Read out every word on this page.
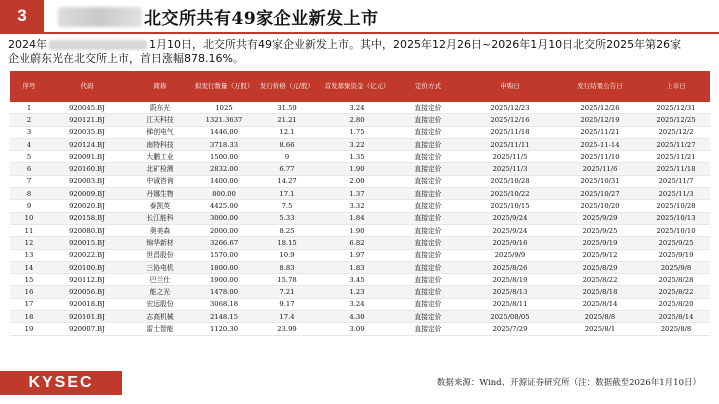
3	北交所共有49家企业新发上市
2024年	1月10日，北交所共有49家企业新发上市。其中，2025年12月26日~2026年1月10日北交所2025年第26家
企业蔚东光在北交所上市，首日涨幅878.16%。
序号	代码	简称	拟发行数量（万股）	发行价格（元/股）	首发募集资金（亿元）	定价方式	申购日	发行结果公告日	上市日
1	920045.BJ	蔚东光	1025	31.59	3.24	直接定价	2025/12/23	2025/12/26	2025/12/31
2	920121.BJ	江天科技	1321.3637	21.21	2.80	直接定价	2025/12/16	2025/12/19	2025/12/25
3	920035.BJ	梯创电气	1446.00	12.1	1.75	直接定价	2025/11/18	2025/11/21	2025/12/2
4	920124.BJ	南特科技	3718.33	8.66	3.22	直接定价	2025/11/11	2025-11-14	2025/11/27
5	920091.BJ	大鹏工业	1500.00	9	1.35	直接定价	2025/11/5	2025/11/10	2025/11/21
6	920160.BJ	北矿检测	2832.00	6.77	1.90	直接定价	2025/11/3	2025/11/6	2025/11/18
7	920003.BJ	中诚咨询	1400.00	14.27	2.00	直接定价	2025/10/28	2025/10/31	2025/11/7
8	920009.BJ	丹娜生物	800.00	17.1	1.37	直接定价	2025/10/22	2025/10/27	2025/11/3
9	920020.BJ	泰凯英	4425.00	7.5	3.32	直接定价	2025/10/15	2025/10/20	2025/10/28
10	920158.BJ	长江能科	3000.00	5.33	1.84	直接定价	2025/9/24	2025/9/29	2025/10/13
11	920080.BJ	奥美森	2000.00	8.25	1.90	直接定价	2025/9/24	2025/9/25	2025/10/10
12	920015.BJ	锦华新材	3266.67	18.15	6.82	直接定价	2025/9/16	2025/9/19	2025/9/25
13	920022.BJ	世昌股份	1570.00	10.9	1.97	直接定价	2025/9/9	2025/9/12	2025/9/19
14	920100.BJ	三协电机	1800.00	8.83	1.83	直接定价	2025/8/26	2025/8/29	2025/9/8
15	920112.BJ	巴兰仕	1900.00	15.78	3.45	直接定价	2025/8/19	2025/8/22	2025/8/28
16	920056.BJ	能之光	1478.00	7.21	1.23	直接定价	2025/8/13	2025/8/18	2025/8/22
17	920018.BJ	宏远股份	3068.18	9.17	3.24	直接定价	2025/8/11	2025/8/14	2025/8/20
18	920101.BJ	志高机械	2148.15	17.4	4.30	直接定价	2025/08/05	2025/8/8	2025/8/14
19	920007.BJ	雷士智能	1120.30	23.99	3.09	直接定价	2025/7/29	2025/8/1	2025/8/8
KYSEC	数据来源：Wind、开源证券研究所（注：数据截至2026年1月10日）
